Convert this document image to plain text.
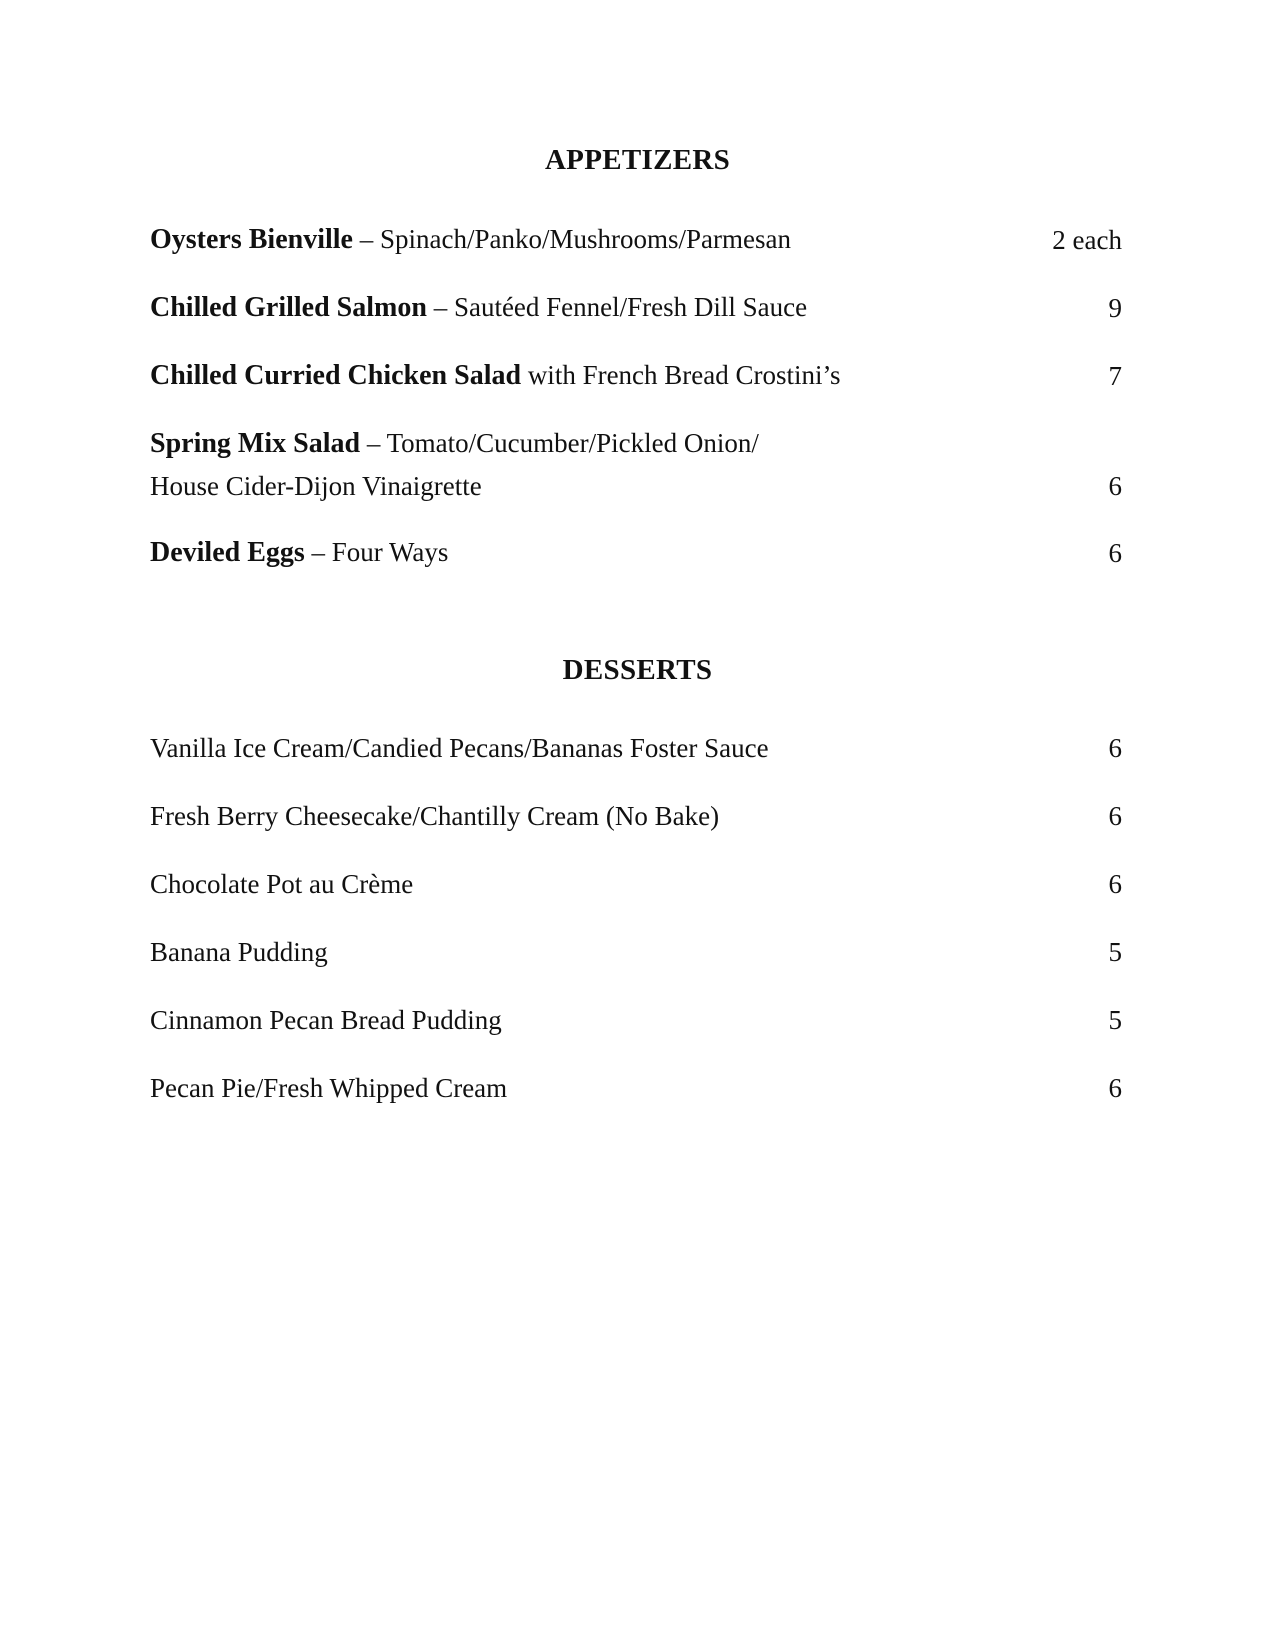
APPETIZERS
Oysters Bienville – Spinach/Panko/Mushrooms/Parmesan	2 each
Chilled Grilled Salmon – Sautéed Fennel/Fresh Dill Sauce	9
Chilled Curried Chicken Salad with French Bread Crostini’s	7
Spring Mix Salad – Tomato/Cucumber/Pickled Onion/
House Cider-Dijon Vinaigrette	6
Deviled Eggs – Four Ways	6
DESSERTS
Vanilla Ice Cream/Candied Pecans/Bananas Foster Sauce	6
Fresh Berry Cheesecake/Chantilly Cream (No Bake)	6
Chocolate Pot au Crème	6
Banana Pudding	5
Cinnamon Pecan Bread Pudding	5
Pecan Pie/Fresh Whipped Cream	6
